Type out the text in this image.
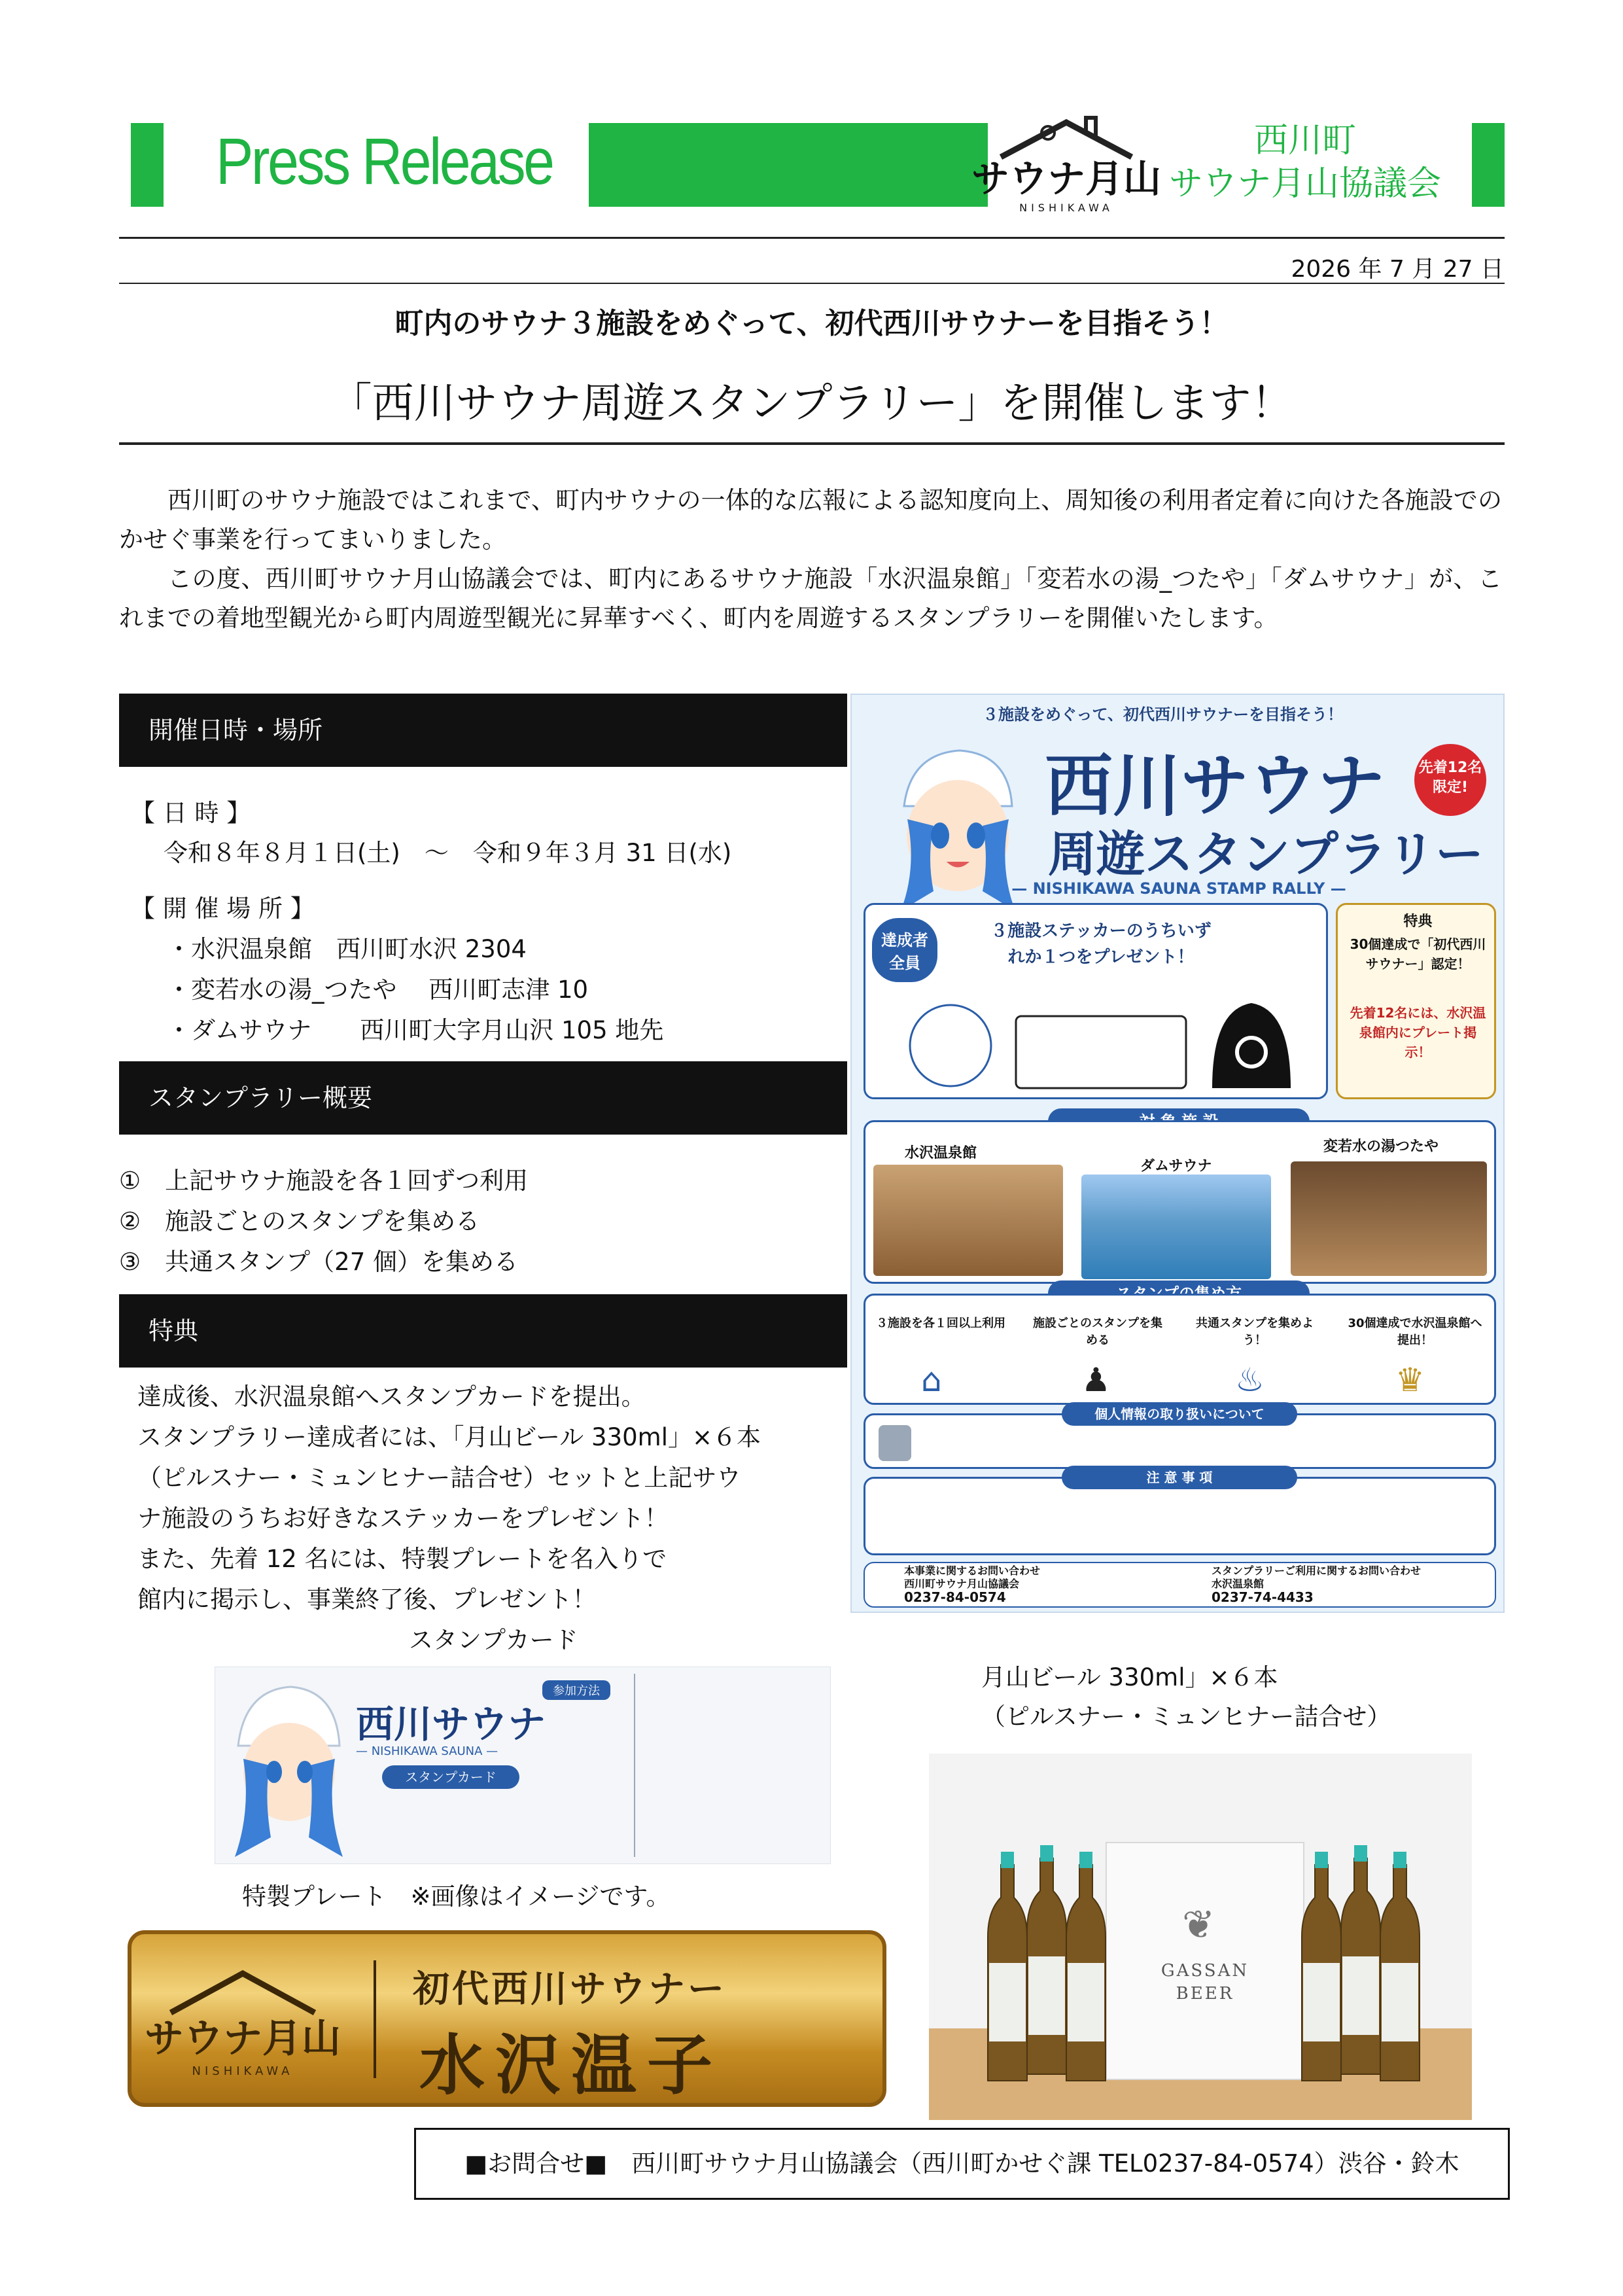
Press Release	サウナ月山
NISHIKAWA
西川町
サウナ月山協議会
2026 年 7 月 27 日
町内のサウナ３施設をめぐって、初代西川サウナーを目指そう！
「西川サウナ周遊スタンプラリー」を開催します！

西川町のサウナ施設ではこれまで、町内サウナの一体的な広報による認知度向上、周知後の利用者定着に向けた各施設でのかせぐ事業を行ってまいりました。

この度、西川町サウナ月山協議会では、町内にあるサウナ施設「水沢温泉館」「変若水の湯_つたや」「ダムサウナ」が、これまでの着地型観光から町内周遊型観光に昇華すべく、町内を周遊するスタンプラリーを開催いたします。

開催日時・場所
【 日 時 】
令和８年８月１日(土)　～　令和９年３月 31 日(水)
【 開 催 場 所 】
・水沢温泉館　西川町水沢 2304
・変若水の湯_つたや　 西川町志津 10
・ダムサウナ　　西川町大字月山沢 105 地先
スタンプラリー概要
①　上記サウナ施設を各１回ずつ利用
②　施設ごとのスタンプを集める
③　共通スタンプ（27 個）を集める
特典
達成後、水沢温泉館へスタンプカードを提出。
スタンプラリー達成者には、「月山ビール 330ml」×６本
（ピルスナー・ミュンヒナー詰合せ）セットと上記サウ
ナ施設のうちお好きなステッカーをプレゼント！
また、先着 12 名には、特製プレートを名入りで
館内に掲示し、事業終了後、プレゼント！
３施設をめぐって、初代西川サウナーを目指そう！
西川サウナ
周遊スタンプラリー
先着12名限定!
— NISHIKAWA SAUNA STAMP RALLY —
達成者全員
３施設ステッカーのうちいずれか１つをプレゼント！
特典
30個達成で「初代西川サウナー」認定！
先着12名には、水沢温泉館内にプレート掲示！
水沢温泉館
ダムサウナ
変若水の湯つたや
３施設を各１回以上利用 施設ごとのスタンプを集める
共通スタンプを集めよう！
30個達成で水沢温泉館へ提出！
⌂	♟	♨	♛
個人情報の取り扱いについて
注 意 事 項
本事業に関するお問い合わせ
西川町サウナ月山協議会
0237-84-0574
スタンプラリーご利用に関するお問い合わせ
水沢温泉館
0237-74-4433
スタンプカード
西川サウナ
— NISHIKAWA SAUNA —
スタンプカード
参加方法
特製プレート　※画像はイメージです。
サウナ月山
NISHIKAWA
初代西川サウナー
水沢温子
月山ビール 330ml」×６本
（ピルスナー・ミュンヒナー詰合せ）
❦
GASSAN
BEER
■お問合せ■　西川町サウナ月山協議会（西川町かせぐ課 TEL0237-84-0574）渋谷・鈴木
